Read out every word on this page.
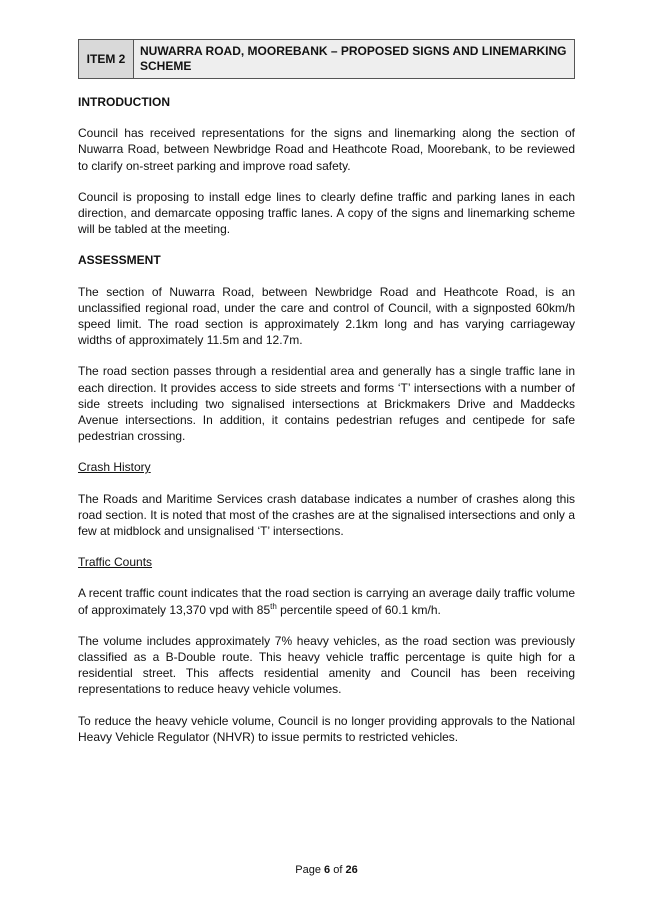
ITEM 2
NUWARRA ROAD, MOOREBANK – PROPOSED SIGNS AND LINEMARKING SCHEME
INTRODUCTION

Council has received representations for the signs and linemarking along the section of Nuwarra Road, between Newbridge Road and Heathcote Road, Moorebank, to be reviewed to clarify on-street parking and improve road safety.

Council is proposing to install edge lines to clearly define traffic and parking lanes in each direction, and demarcate opposing traffic lanes. A copy of the signs and linemarking scheme will be tabled at the meeting.

ASSESSMENT

The section of Nuwarra Road, between Newbridge Road and Heathcote Road, is an unclassified regional road, under the care and control of Council, with a signposted 60km/h speed limit. The road section is approximately 2.1km long and has varying carriageway widths of approximately 11.5m and 12.7m.

The road section passes through a residential area and generally has a single traffic lane in each direction. It provides access to side streets and forms ‘T’ intersections with a number of side streets including two signalised intersections at Brickmakers Drive and Maddecks Avenue intersections. In addition, it contains pedestrian refuges and centipede for safe pedestrian crossing.

Crash History

The Roads and Maritime Services crash database indicates a number of crashes along this road section. It is noted that most of the crashes are at the signalised intersections and only a few at midblock and unsignalised ‘T’ intersections.

Traffic Counts

A recent traffic count indicates that the road section is carrying an average daily traffic volume of approximately 13,370 vpd with 85th percentile speed of 60.1 km/h.

The volume includes approximately 7% heavy vehicles, as the road section was previously classified as a B-Double route. This heavy vehicle traffic percentage is quite high for a residential street. This affects residential amenity and Council has been receiving representations to reduce heavy vehicle volumes.

To reduce the heavy vehicle volume, Council is no longer providing approvals to the National Heavy Vehicle Regulator (NHVR) to issue permits to restricted vehicles.

Page 6 of 26
